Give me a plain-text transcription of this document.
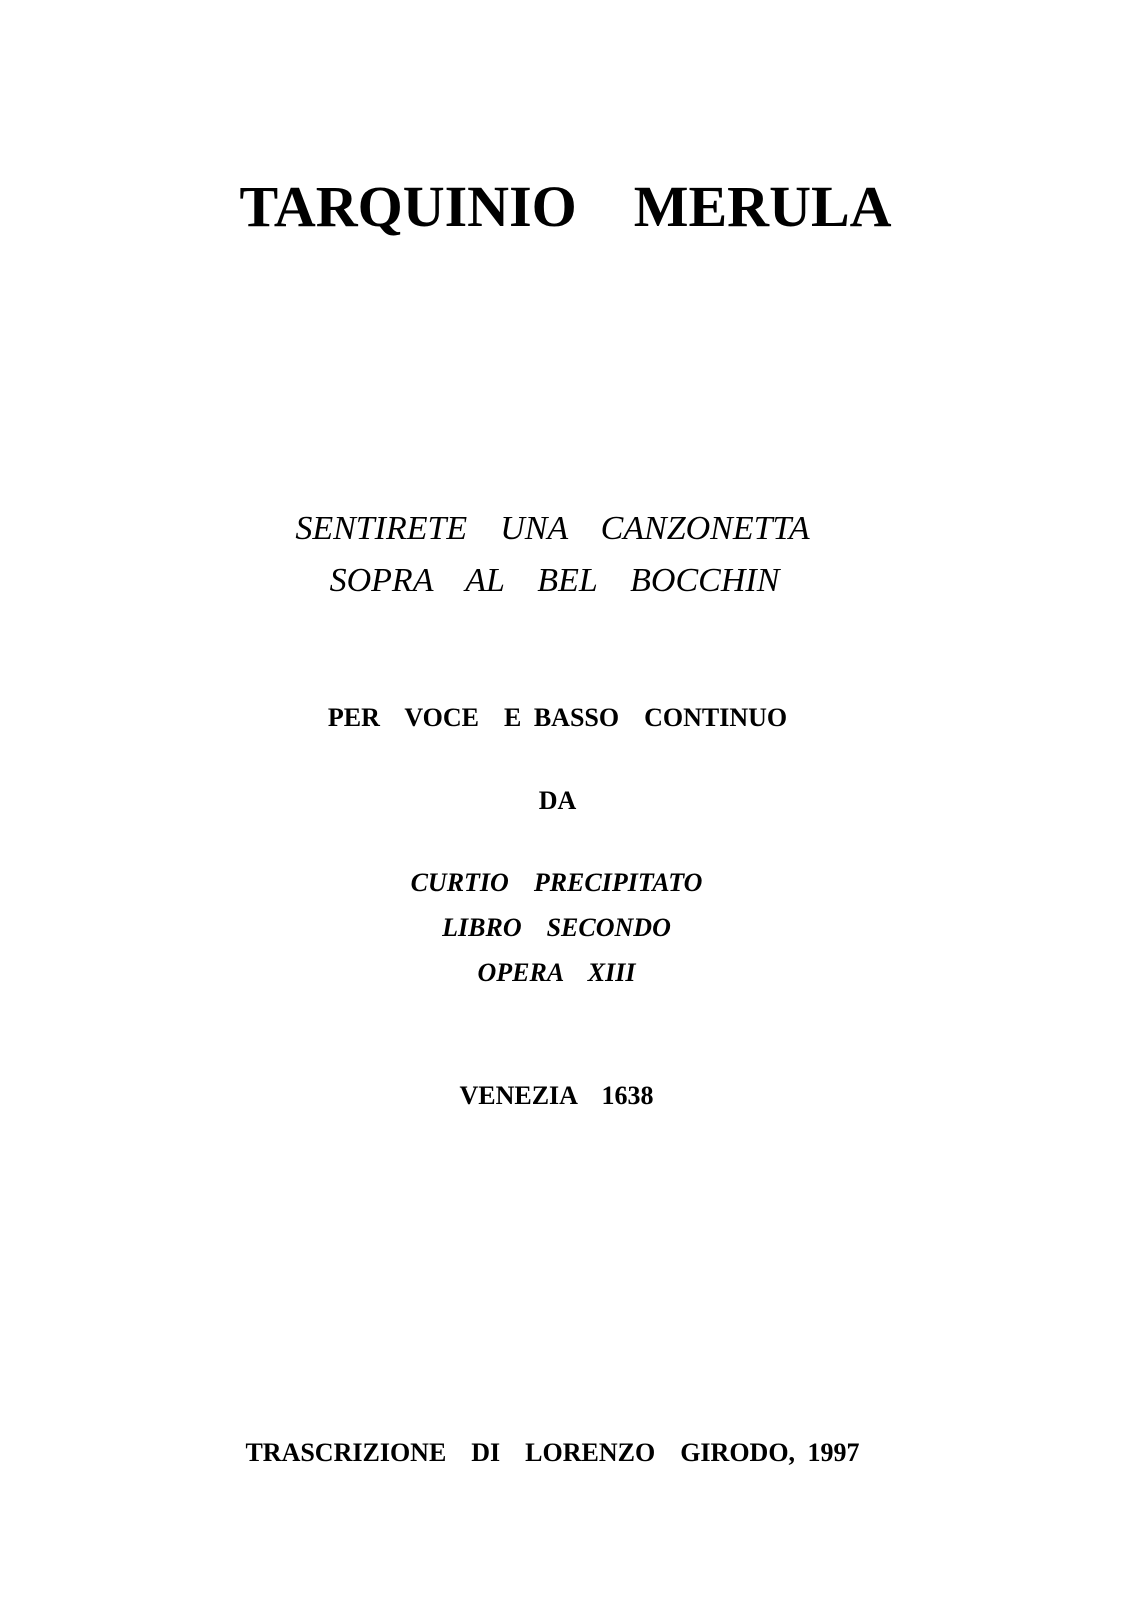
TARQUINIO  MERULA
SENTIRETE  UNA  CANZONETTA
SOPRA  AL  BEL  BOCCHIN
PER  VOCE  E BASSO  CONTINUO
DA
CURTIO  PRECIPITATO
LIBRO  SECONDO
OPERA  XIII
VENEZIA  1638
TRASCRIZIONE  DI  LORENZO  GIRODO, 1997
